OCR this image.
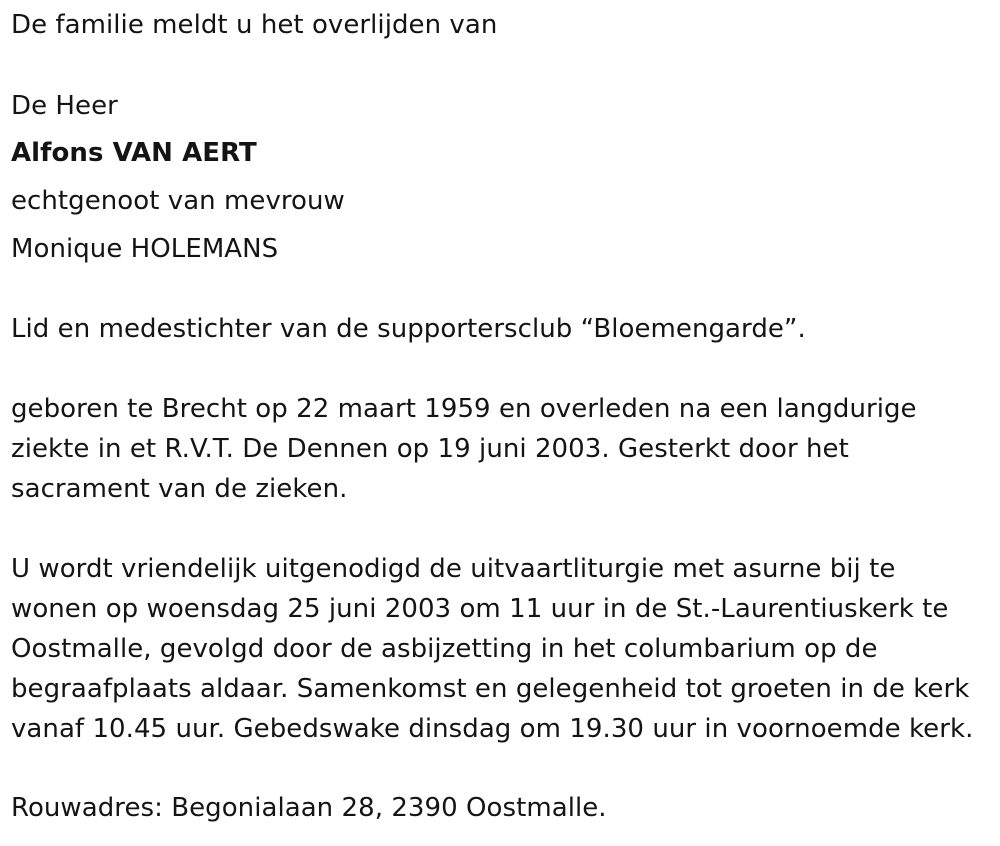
De familie meldt u het overlijden van
De Heer
Alfons VAN AERT
echtgenoot van mevrouw
Monique HOLEMANS
Lid en medestichter van de supportersclub “Bloemengarde”.

geboren te Brecht op 22 maart 1959 en overleden na een langdurige
ziekte in et R.V.T. De Dennen op 19 juni 2003. Gesterkt door het
sacrament van de zieken.

U wordt vriendelijk uitgenodigd de uitvaartliturgie met asurne bij te
wonen op woensdag 25 juni 2003 om 11 uur in de St.-Laurentiuskerk te
Oostmalle, gevolgd door de asbijzetting in het columbarium op de
begraafplaats aldaar. Samenkomst en gelegenheid tot groeten in de kerk
vanaf 10.45 uur. Gebedswake dinsdag om 19.30 uur in voornoemde kerk.

Rouwadres: Begonialaan 28, 2390 Oostmalle.
